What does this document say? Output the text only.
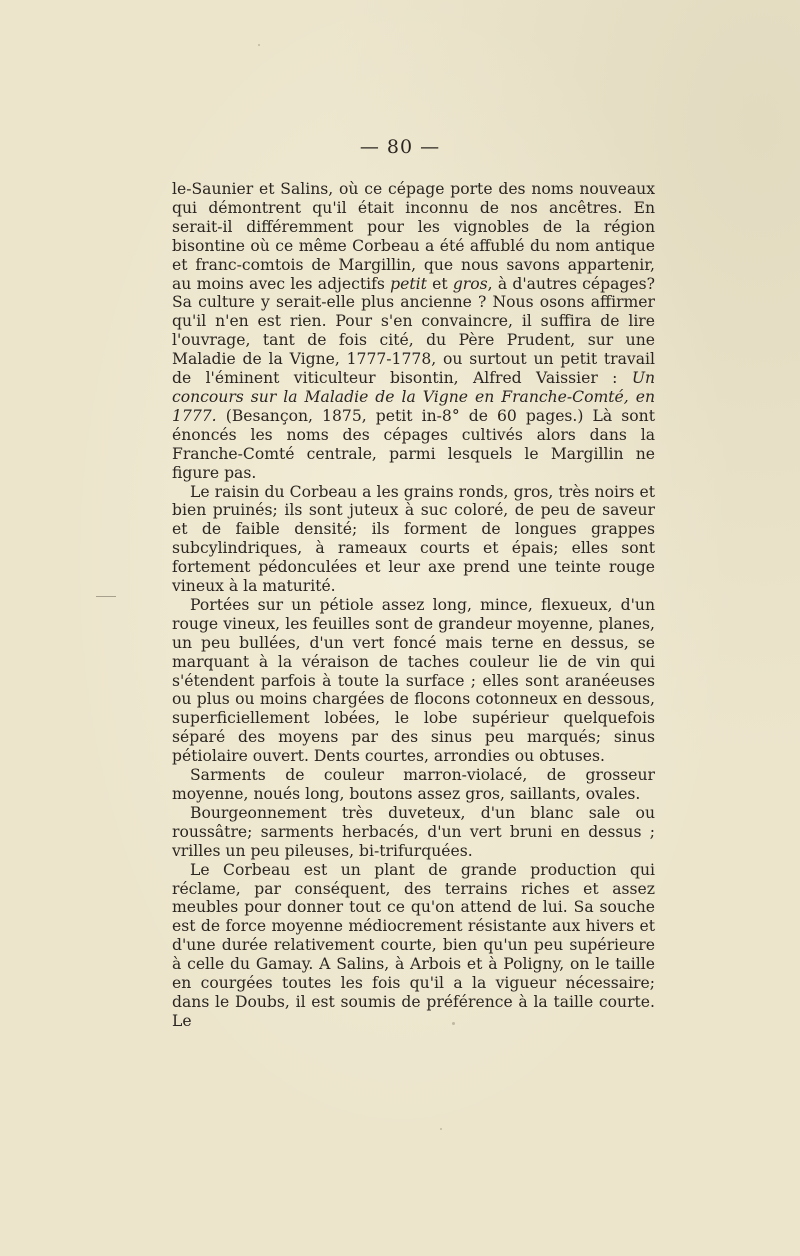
— 80 —

le-Saunier et Salins, où ce cépage porte des noms nouveaux qui démontrent qu'il était inconnu de nos ancêtres. En serait-il différemment pour les vignobles de la région bisontine où ce même Corbeau a été affublé du nom antique et franc-comtois de Margillin, que nous savons appartenir, au moins avec les adjectifs petit et gros, à d'autres cépages? Sa culture y serait-elle plus ancienne ? Nous osons affirmer qu'il n'en est rien. Pour s'en convaincre, il suffira de lire l'ouvrage, tant de fois cité, du Père Prudent, sur une Maladie de la Vigne, 1777-1778, ou surtout un petit travail de l'éminent viticulteur bisontin, Alfred Vaissier : Un concours sur la Maladie de la Vigne en Franche-Comté, en 1777. (Besançon, 1875, petit in-8° de 60 pages.) Là sont énoncés les noms des cépages cultivés alors dans la Franche-Comté centrale, parmi lesquels le Margillin ne figure pas.

Le raisin du Corbeau a les grains ronds, gros, très noirs et bien pruinés; ils sont juteux à suc coloré, de peu de saveur et de faible densité; ils forment de longues grappes subcylindriques, à rameaux courts et épais; elles sont fortement pédonculées et leur axe prend une teinte rouge vineux à la maturité.

Portées sur un pétiole assez long, mince, flexueux, d'un rouge vineux, les feuilles sont de grandeur moyenne, planes, un peu bullées, d'un vert foncé mais terne en dessus, se marquant à la véraison de taches couleur lie de vin qui s'étendent parfois à toute la surface ; elles sont aranéeuses ou plus ou moins chargées de flocons cotonneux en dessous, superficiellement lobées, le lobe supérieur quelquefois séparé des moyens par des sinus peu marqués; sinus pétiolaire ouvert. Dents courtes, arrondies ou obtuses.

Sarments de couleur marron-violacé, de grosseur moyenne, noués long, boutons assez gros, saillants, ovales.

Bourgeonnement très duveteux, d'un blanc sale ou roussâtre; sarments herbacés, d'un vert bruni en dessus ; vrilles un peu pileuses, bi-trifurquées.

Le Corbeau est un plant de grande production qui réclame, par conséquent, des terrains riches et assez meubles pour donner tout ce qu'on attend de lui. Sa souche est de force moyenne médiocrement résistante aux hivers et d'une durée relativement courte, bien qu'un peu supérieure à celle du Gamay. A Salins, à Arbois et à Poligny, on le taille en courgées toutes les fois qu'il a la vigueur nécessaire; dans le Doubs, il est soumis de préférence à la taille courte. Le
